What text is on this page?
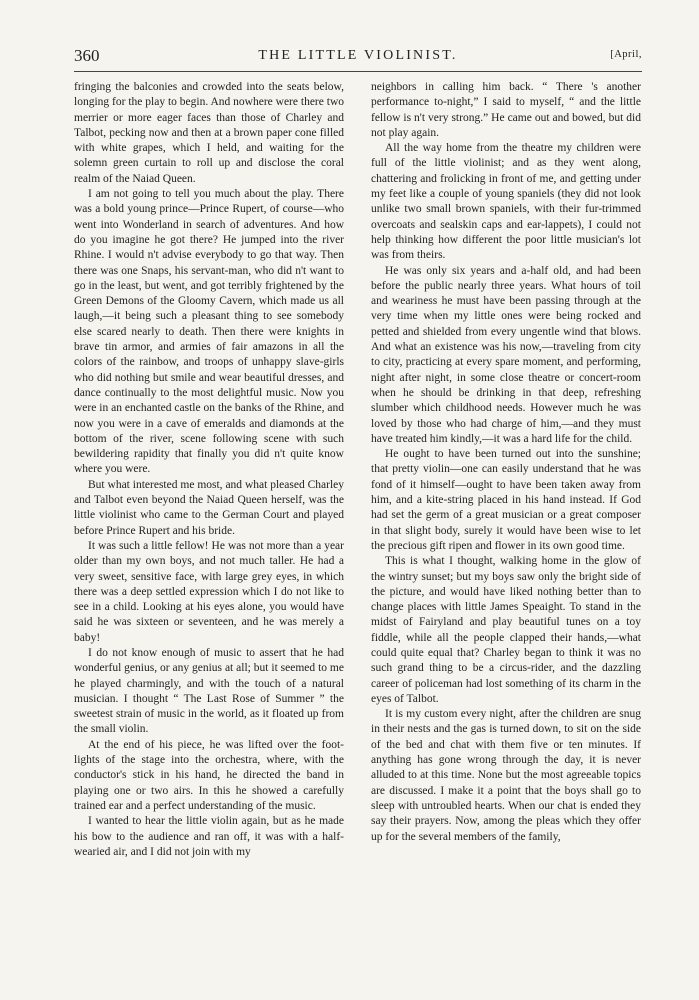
360	THE LITTLE VIOLINIST.	[April,

fringing the balconies and crowded into the seats below, longing for the play to begin. And nowhere were there two merrier or more eager faces than those of Charley and Talbot, pecking now and then at a brown paper cone filled with white grapes, which I held, and waiting for the solemn green curtain to roll up and disclose the coral realm of the Naiad Queen.

I am not going to tell you much about the play. There was a bold young prince—Prince Rupert, of course—who went into Wonderland in search of adventures. And how do you imagine he got there? He jumped into the river Rhine. I would n't advise everybody to go that way. Then there was one Snaps, his servant-man, who did n't want to go in the least, but went, and got terribly frightened by the Green Demons of the Gloomy Cavern, which made us all laugh,—it being such a pleasant thing to see somebody else scared nearly to death. Then there were knights in brave tin armor, and armies of fair amazons in all the colors of the rainbow, and troops of unhappy slave-girls who did nothing but smile and wear beautiful dresses, and dance continually to the most delightful music. Now you were in an enchanted castle on the banks of the Rhine, and now you were in a cave of emeralds and diamonds at the bottom of the river, scene following scene with such bewildering rapidity that finally you did n't quite know where you were.

But what interested me most, and what pleased Charley and Talbot even beyond the Naiad Queen herself, was the little violinist who came to the German Court and played before Prince Rupert and his bride.

It was such a little fellow! He was not more than a year older than my own boys, and not much taller. He had a very sweet, sensitive face, with large grey eyes, in which there was a deep settled expression which I do not like to see in a child. Looking at his eyes alone, you would have said he was sixteen or seventeen, and he was merely a baby!

I do not know enough of music to assert that he had wonderful genius, or any genius at all; but it seemed to me he played charmingly, and with the touch of a natural musician. I thought “ The Last Rose of Summer ” the sweetest strain of music in the world, as it floated up from the small violin.

At the end of his piece, he was lifted over the foot-lights of the stage into the orchestra, where, with the conductor's stick in his hand, he directed the band in playing one or two airs. In this he showed a carefully trained ear and a perfect understanding of the music.

I wanted to hear the little violin again, but as he made his bow to the audience and ran off, it was with a half-wearied air, and I did not join with my

neighbors in calling him back. “ There 's another performance to-night,” I said to myself, “ and the little fellow is n't very strong.” He came out and bowed, but did not play again.

All the way home from the theatre my children were full of the little violinist; and as they went along, chattering and frolicking in front of me, and getting under my feet like a couple of young spaniels (they did not look unlike two small brown spaniels, with their fur-trimmed overcoats and sealskin caps and ear-lappets), I could not help thinking how different the poor little musician's lot was from theirs.

He was only six years and a-half old, and had been before the public nearly three years. What hours of toil and weariness he must have been passing through at the very time when my little ones were being rocked and petted and shielded from every ungentle wind that blows. And what an existence was his now,—traveling from city to city, practicing at every spare moment, and performing, night after night, in some close theatre or concert-room when he should be drinking in that deep, refreshing slumber which childhood needs. However much he was loved by those who had charge of him,—and they must have treated him kindly,—it was a hard life for the child.

He ought to have been turned out into the sunshine; that pretty violin—one can easily understand that he was fond of it himself—ought to have been taken away from him, and a kite-string placed in his hand instead. If God had set the germ of a great musician or a great composer in that slight body, surely it would have been wise to let the precious gift ripen and flower in its own good time.

This is what I thought, walking home in the glow of the wintry sunset; but my boys saw only the bright side of the picture, and would have liked nothing better than to change places with little James Speaight. To stand in the midst of Fairyland and play beautiful tunes on a toy fiddle, while all the people clapped their hands,—what could quite equal that? Charley began to think it was no such grand thing to be a circus-rider, and the dazzling career of policeman had lost something of its charm in the eyes of Talbot.

It is my custom every night, after the children are snug in their nests and the gas is turned down, to sit on the side of the bed and chat with them five or ten minutes. If anything has gone wrong through the day, it is never alluded to at this time. None but the most agreeable topics are discussed. I make it a point that the boys shall go to sleep with untroubled hearts. When our chat is ended they say their prayers. Now, among the pleas which they offer up for the several members of the family,
